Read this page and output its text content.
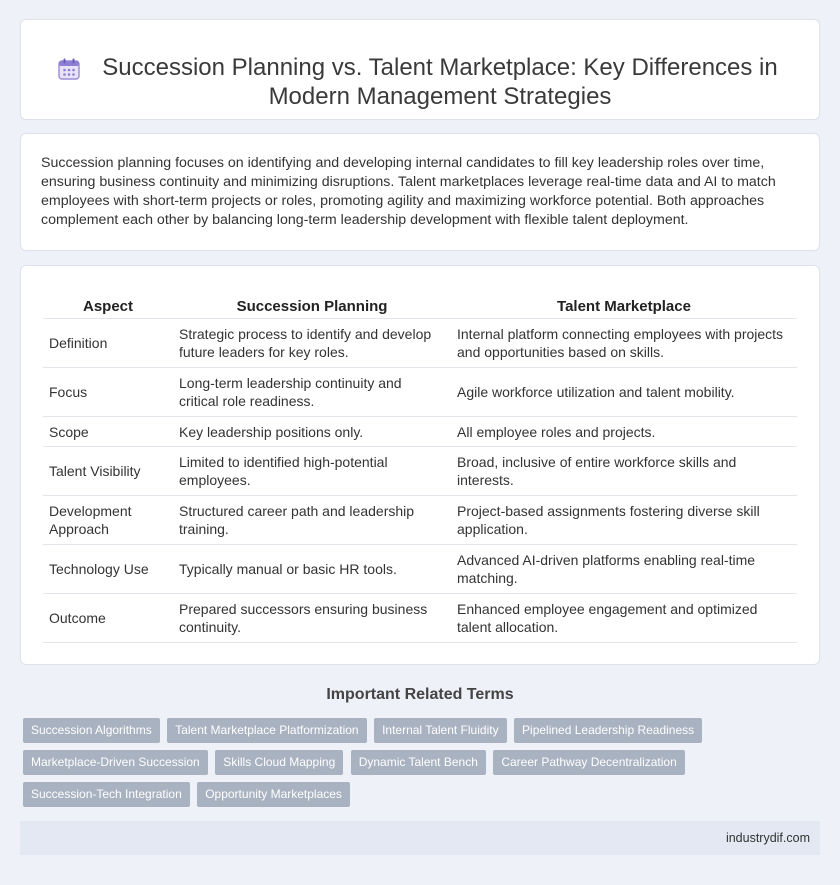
Succession Planning vs. Talent Marketplace: Key Differences in Modern Management Strategies

Succession planning focuses on identifying and developing internal candidates to fill key leadership roles over time, ensuring business continuity and minimizing disruptions. Talent marketplaces leverage real-time data and AI to match employees with short-term projects or roles, promoting agility and maximizing workforce potential. Both approaches complement each other by balancing long-term leadership development with flexible talent deployment.

Aspect	Succession Planning	Talent Marketplace
Definition	Strategic process to identify and develop future leaders for key roles.	Internal platform connecting employees with projects and opportunities based on skills.
Focus	Long-term leadership continuity and critical role readiness.	Agile workforce utilization and talent mobility.
Scope	Key leadership positions only.	All employee roles and projects.
Talent Visibility	Limited to identified high-potential employees.	Broad, inclusive of entire workforce skills and interests.
Development Approach	Structured career path and leadership training.	Project-based assignments fostering diverse skill application.
Technology Use	Typically manual or basic HR tools.	Advanced AI-driven platforms enabling real-time matching.
Outcome	Prepared successors ensuring business continuity.	Enhanced employee engagement and optimized talent allocation.
Important Related Terms
Succession Algorithms Talent Marketplace Platformization Internal Talent Fluidity Pipelined Leadership Readiness Marketplace-Driven Succession Skills Cloud Mapping Dynamic Talent Bench Career Pathway Decentralization Succession-Tech Integration Opportunity Marketplaces
industrydif.com
